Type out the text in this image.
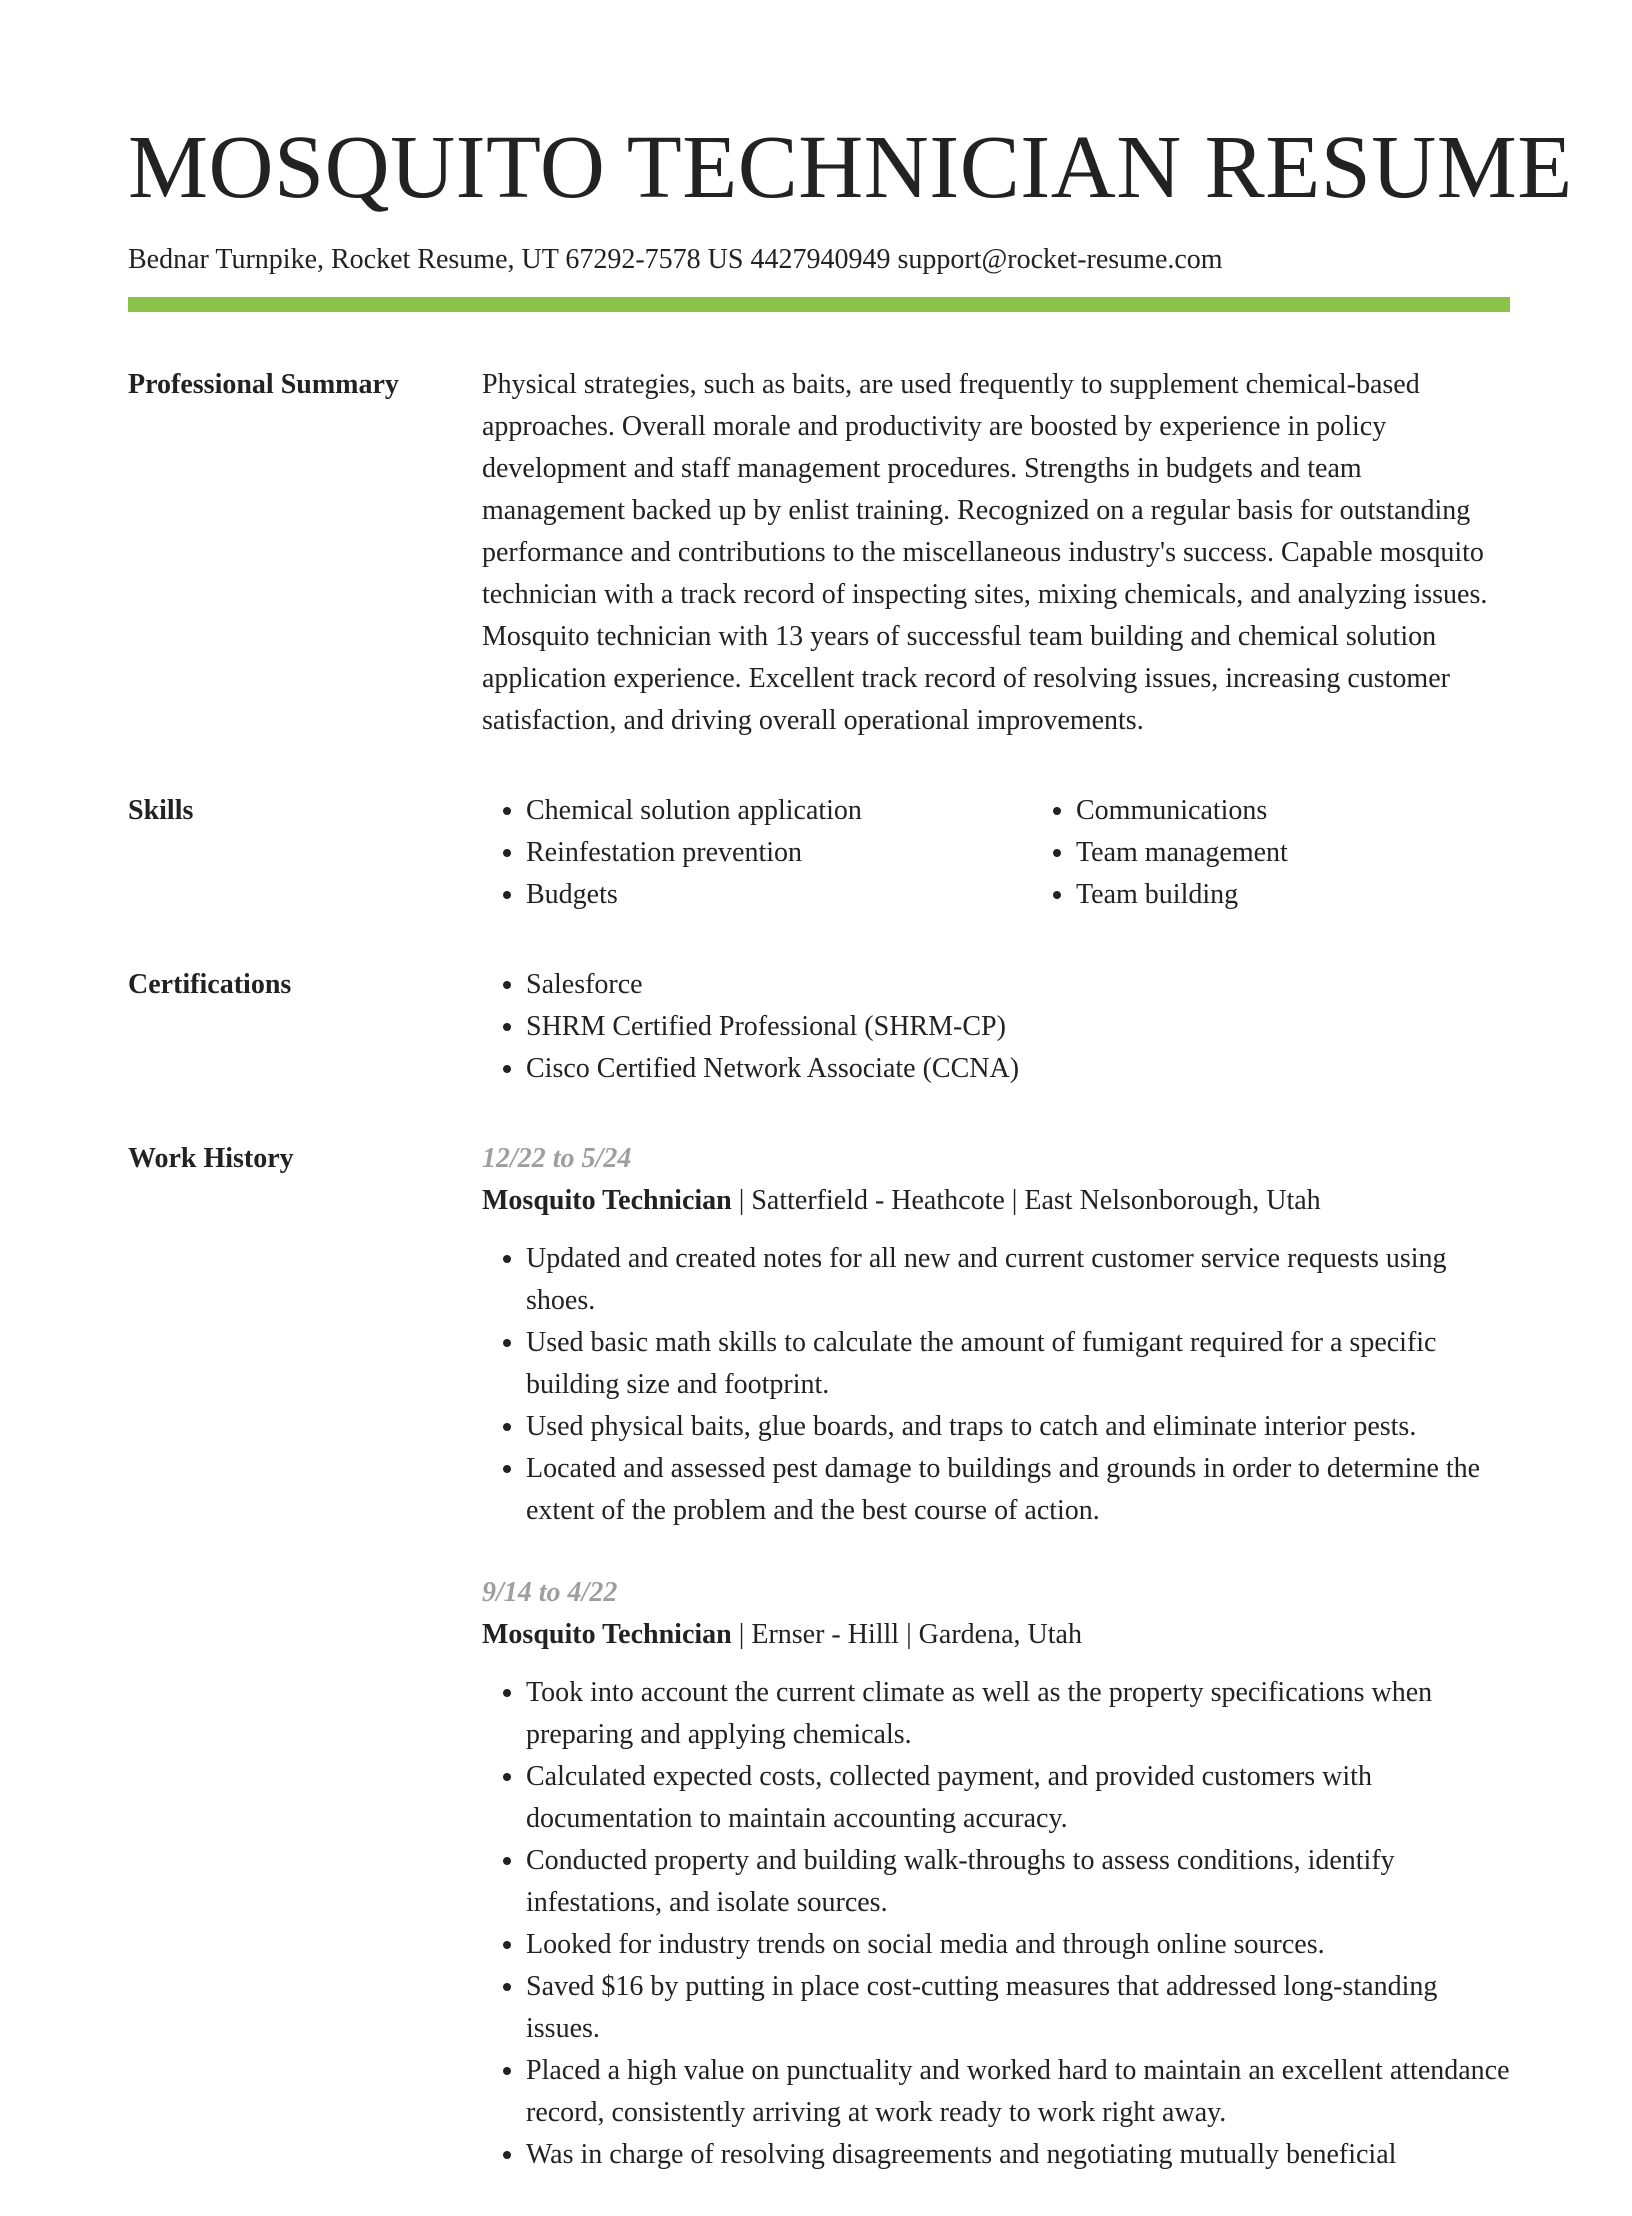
MOSQUITO TECHNICIAN RESUME
Bednar Turnpike, Rocket Resume, UT 67292-7578 US 4427940949 support@rocket-resume.com
Professional Summary	Physical strategies, such as baits, are used frequently to supplement chemical-based approaches. Overall morale and productivity are boosted by experience in policy development and staff management procedures. Strengths in budgets and team management backed up by enlist training. Recognized on a regular basis for outstanding performance and contributions to the miscellaneous industry's success. Capable mosquito technician with a track record of inspecting sites, mixing chemicals, and analyzing issues. Mosquito technician with 13 years of successful team building and chemical solution application experience. Excellent track record of resolving issues, increasing customer satisfaction, and driving overall operational improvements.

Skills	• Chemical solution application
• Reinfestation prevention
• Budgets
• Communications
• Team management
• Team building
Certifications	• Salesforce
• SHRM Certified Professional (SHRM-CP)
• Cisco Certified Network Associate (CCNA)
Work History	12/22 to 5/24
Mosquito Technician | Satterfield - Heathcote | East Nelsonborough, Utah
• Updated and created notes for all new and current customer service requests using shoes.
• Used basic math skills to calculate the amount of fumigant required for a specific building size and footprint.
• Used physical baits, glue boards, and traps to catch and eliminate interior pests.
• Located and assessed pest damage to buildings and grounds in order to determine the extent of the problem and the best course of action.
9/14 to 4/22
Mosquito Technician | Ernser - Hilll | Gardena, Utah
• Took into account the current climate as well as the property specifications when preparing and applying chemicals.
• Calculated expected costs, collected payment, and provided customers with documentation to maintain accounting accuracy.
• Conducted property and building walk-throughs to assess conditions, identify infestations, and isolate sources.
• Looked for industry trends on social media and through online sources.
• Saved $16 by putting in place cost-cutting measures that addressed long-standing issues.
• Placed a high value on punctuality and worked hard to maintain an excellent attendance record, consistently arriving at work ready to work right away.
• Was in charge of resolving disagreements and negotiating mutually beneficial
